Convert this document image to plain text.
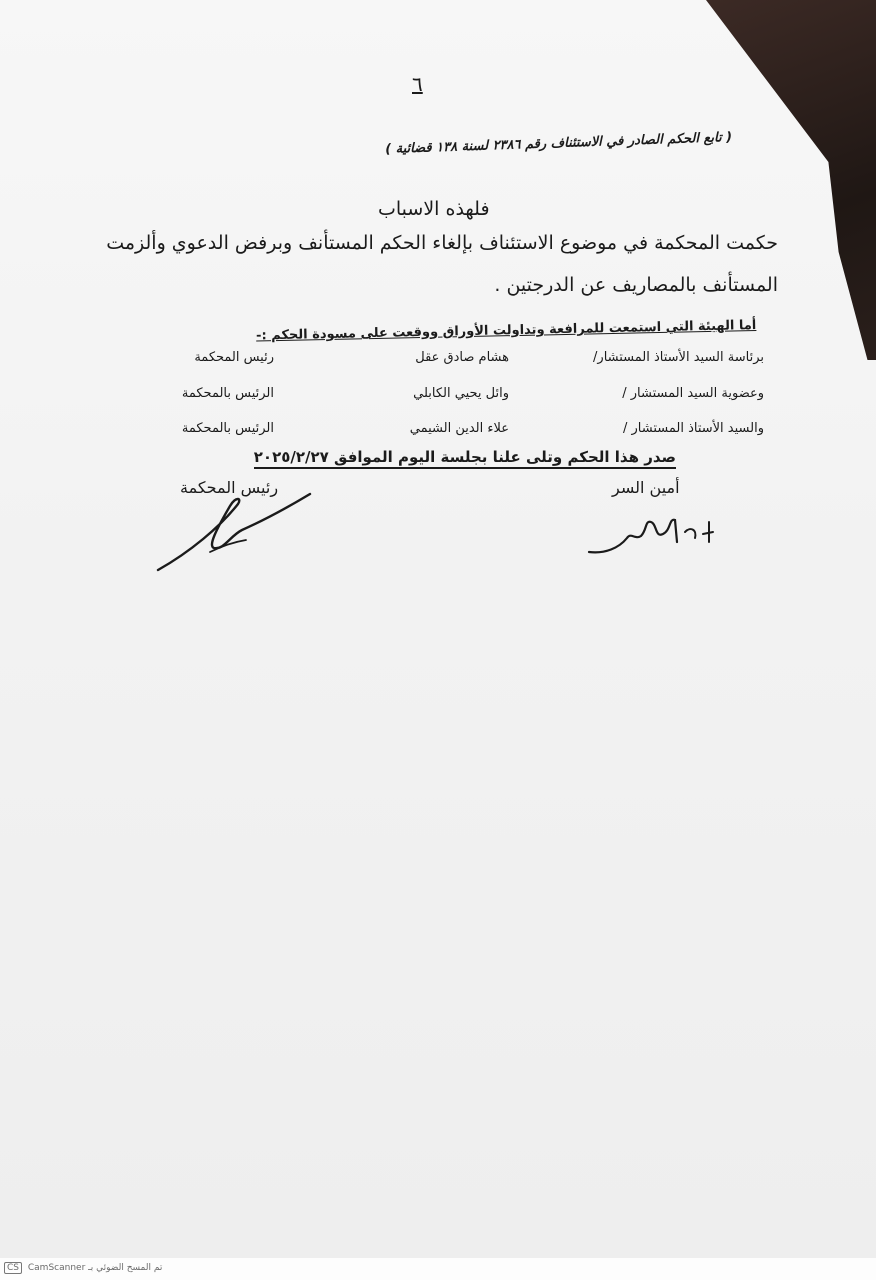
٦
( تابع الحكم الصادر في الاستئناف رقم ٢٣٨٦ لسنة ١٣٨ قضائية )
فلهذه الاسباب
حكمت المحكمة في موضوع الاستئناف بإلغاء الحكم المستأنف وبرفض الدعوي وألزمت
المستأنف بالمصاريف عن الدرجتين .
أما الهيئة التي استمعت للمرافعة وتداولت الأوراق ووقعت على مسودة الحكم :-
برئاسة السيد الأستاذ المستشار/
هشام صادق عقل
رئيس المحكمة
وعضوية السيد المستشار /
وائل يحيي الكابلي
الرئيس بالمحكمة
والسيد الأستاذ المستشار /
علاء الدين الشيمي
الرئيس بالمحكمة
صدر هذا الحكم وتلى علنا بجلسة اليوم الموافق ٢٠٢٥/٢/٢٧
رئيس المحكمة	أمين السر
CS CamScanner تم المسح الضوئي بـ
